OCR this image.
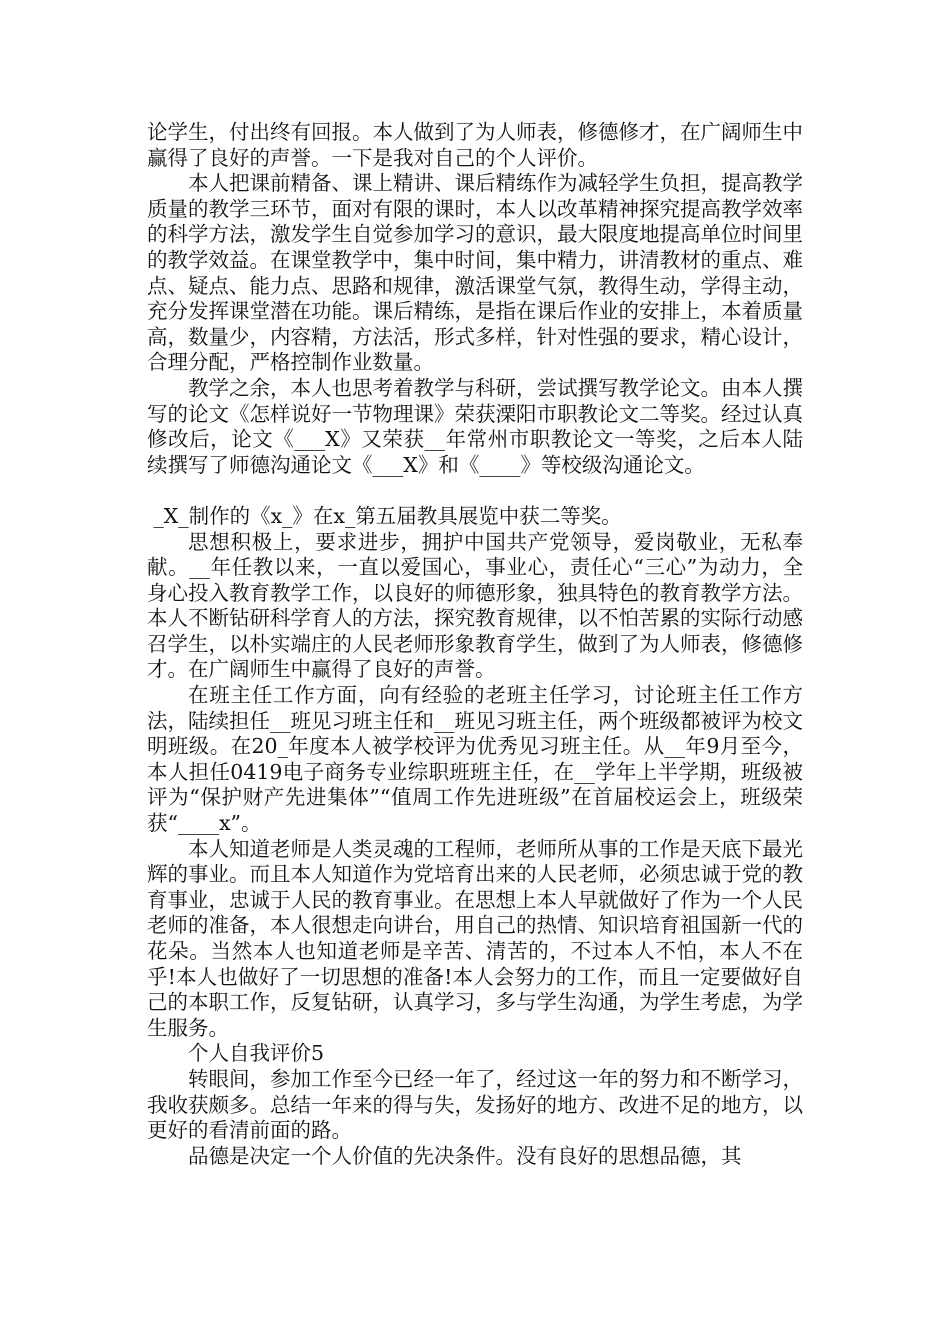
论学生，付出终有回报。本人做到了为人师表，修德修才，在广阔师生中赢得了良好的声誉。一下是我对自己的个人评价。

本人把课前精备、课上精讲、课后精练作为减轻学生负担，提高教学质量的教学三环节，面对有限的课时，本人以改革精神探究提高教学效率的科学方法，激发学生自觉参加学习的意识，最大限度地提高单位时间里的教学效益。在课堂教学中，集中时间，集中精力，讲清教材的重点、难点、疑点、能力点、思路和规律，激活课堂气氛，教得生动，学得主动，充分发挥课堂潜在功能。课后精练，是指在课后作业的安排上，本着质量高，数量少，内容精，方法活，形式多样，针对性强的要求，精心设计，合理分配，严格控制作业数量。

教学之余，本人也思考着教学与科研，尝试撰写教学论文。由本人撰写的论文《怎样说好一节物理课》荣获溧阳市职教论文二等奖。经过认真修改后，论文《___X》又荣获__年常州市职教论文一等奖，之后本人陆续撰写了师德沟通论文《___X》和《____》等校级沟通论文。

_X_制作的《x_》在x_第五届教具展览中获二等奖。

思想积极上，要求进步，拥护中国共产党领导，爱岗敬业，无私奉献。__年任教以来，一直以爱国心，事业心，责任心“三心”为动力，全身心投入教育教学工作，以良好的师德形象，独具特色的教育教学方法。本人不断钻研科学育人的方法，探究教育规律，以不怕苦累的实际行动感召学生，以朴实端庄的人民老师形象教育学生，做到了为人师表，修德修才。在广阔师生中赢得了良好的声誉。

在班主任工作方面，向有经验的老班主任学习，讨论班主任工作方法，陆续担任__班见习班主任和__班见习班主任，两个班级都被评为校文明班级。在20_年度本人被学校评为优秀见习班主任。从__年9月至今，本人担任0419电子商务专业综职班班主任，在__学年上半学期，班级被评为“保护财产先进集体”“值周工作先进班级”在首届校运会上，班级荣获“____x”。

本人知道老师是人类灵魂的工程师，老师所从事的工作是天底下最光辉的事业。而且本人知道作为党培育出来的人民老师，必须忠诚于党的教育事业，忠诚于人民的教育事业。在思想上本人早就做好了作为一个人民老师的准备，本人很想走向讲台，用自己的热情、知识培育祖国新一代的花朵。当然本人也知道老师是辛苦、清苦的，不过本人不怕，本人不在乎!本人也做好了一切思想的准备!本人会努力的工作，而且一定要做好自己的本职工作，反复钻研，认真学习，多与学生沟通，为学生考虑，为学生服务。

个人自我评价5

转眼间，参加工作至今已经一年了，经过这一年的努力和不断学习，我收获颇多。总结一年来的得与失，发扬好的地方、改进不足的地方，以更好的看清前面的路。

品德是决定一个人价值的先决条件。没有良好的思想品德，其
